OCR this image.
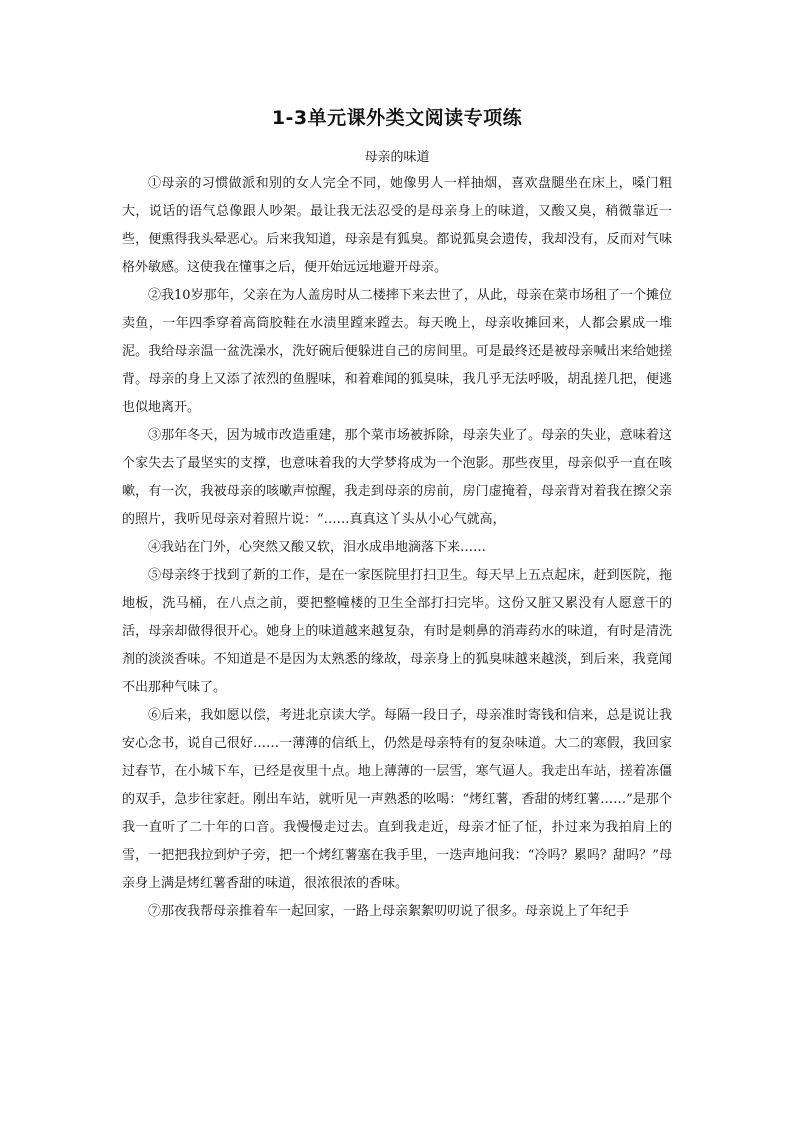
1-3单元课外类文阅读专项练

母亲的味道

①母亲的习惯做派和别的女人完全不同，她像男人一样抽烟，喜欢盘腿坐在床上，嗓门粗大，说话的语气总像跟人吵架。最让我无法忍受的是母亲身上的味道，又酸又臭，稍微靠近一些，便熏得我头晕恶心。后来我知道，母亲是有狐臭。都说狐臭会遗传，我却没有，反而对气味格外敏感。这使我在懂事之后，便开始远远地避开母亲。

②我10岁那年，父亲在为人盖房时从二楼摔下来去世了，从此，母亲在菜市场租了一个摊位卖鱼，一年四季穿着高筒胶鞋在水渍里蹚来蹚去。每天晚上，母亲收摊回来，人都会累成一堆泥。我给母亲温一盆洗澡水，洗好碗后便躲进自己的房间里。可是最终还是被母亲喊出来给她搓背。母亲的身上又添了浓烈的鱼腥味，和着难闻的狐臭味，我几乎无法呼吸，胡乱搓几把，便逃也似地离开。

③那年冬天，因为城市改造重建，那个菜市场被拆除，母亲失业了。母亲的失业，意味着这个家失去了最坚实的支撑，也意味着我的大学梦将成为一个泡影。那些夜里，母亲似乎一直在咳嗽，有一次，我被母亲的咳嗽声惊醒，我走到母亲的房前，房门虚掩着，母亲背对着我在擦父亲的照片，我听见母亲对着照片说：“……真真这丫头从小心气就高，

④我站在门外，心突然又酸又软，泪水成串地滴落下来……

⑤母亲终于找到了新的工作，是在一家医院里打扫卫生。每天早上五点起床，赶到医院，拖地板，洗马桶，在八点之前，要把整幢楼的卫生全部打扫完毕。这份又脏又累没有人愿意干的活，母亲却做得很开心。她身上的味道越来越复杂，有时是刺鼻的消毒药水的味道，有时是清洗剂的淡淡香味。不知道是不是因为太熟悉的缘故，母亲身上的狐臭味越来越淡，到后来，我竟闻不出那种气味了。

⑥后来，我如愿以偿，考进北京读大学。每隔一段日子，母亲准时寄钱和信来，总是说让我安心念书，说自己很好……一薄薄的信纸上，仍然是母亲特有的复杂味道。大二的寒假，我回家过春节，在小城下车，已经是夜里十点。地上薄薄的一层雪，寒气逼人。我走出车站，搓着冻僵的双手，急步往家赶。刚出车站，就听见一声熟悉的吆喝：“烤红薯，香甜的烤红薯……”是那个我一直听了二十年的口音。我慢慢走过去。直到我走近，母亲才怔了怔，扑过来为我拍肩上的雪，一把把我拉到炉子旁，把一个烤红薯塞在我手里，一迭声地问我：“冷吗？累吗？甜吗？”母亲身上满是烤红薯香甜的味道，很浓很浓的香味。

⑦那夜我帮母亲推着车一起回家，一路上母亲絮絮叨叨说了很多。母亲说上了年纪手
